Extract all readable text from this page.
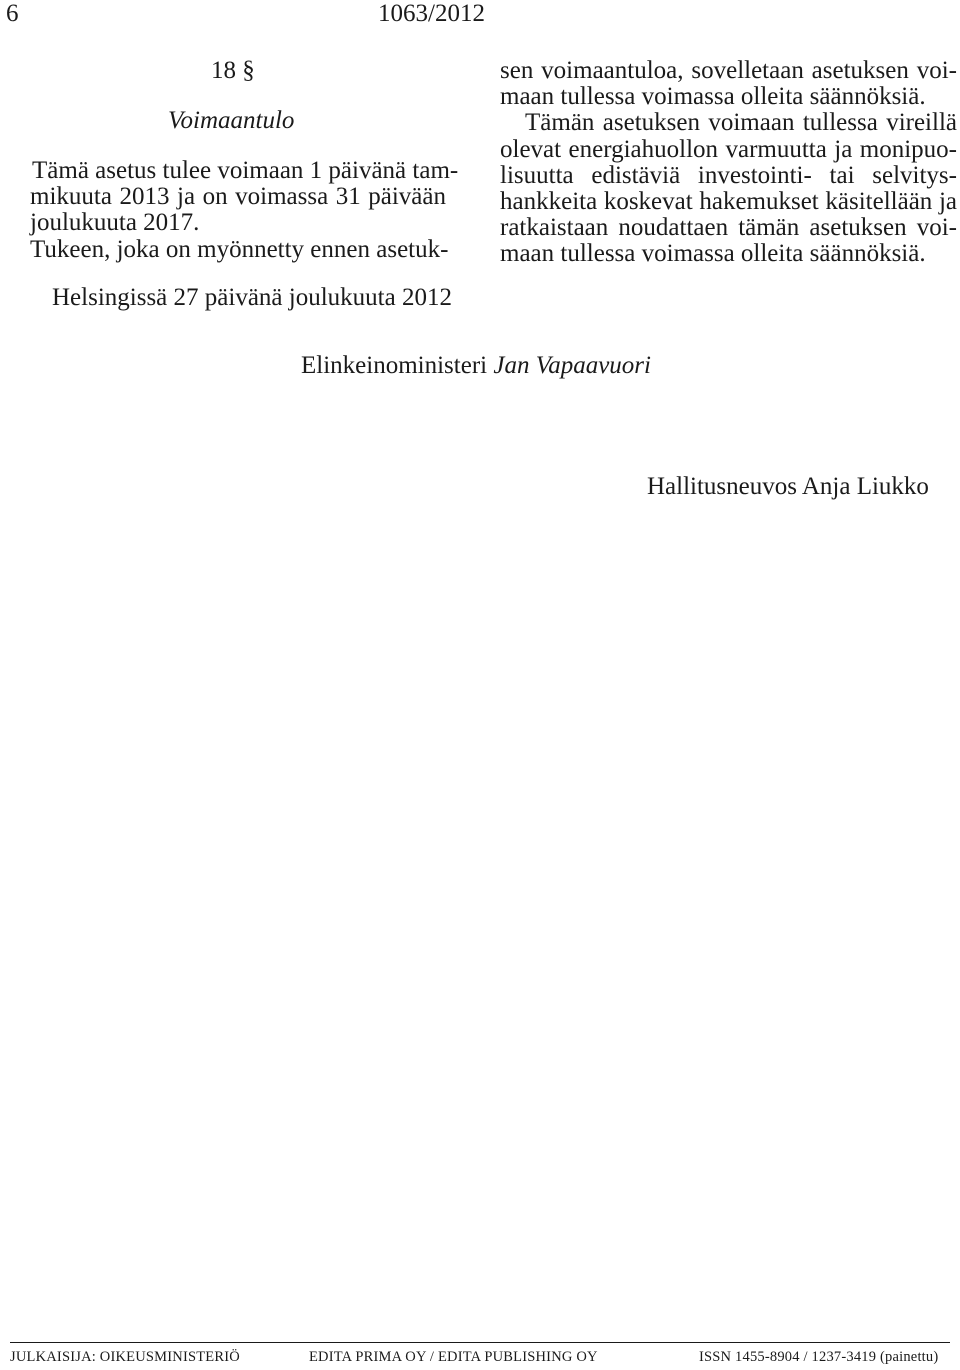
6	1063/2012
18 §
Voimaantulo
Tämä asetus tulee voimaan 1 päivänä tam-
mikuuta 2013 ja on voimassa 31 päivään
joulukuuta 2017.
Tukeen, joka on myönnetty ennen asetuk-
sen voimaantuloa, sovelletaan asetuksen voi-
maan tullessa voimassa olleita säännöksiä.
Tämän asetuksen voimaan tullessa vireillä
olevat energiahuollon varmuutta ja monipuo-
lisuutta edistäviä investointi- tai selvitys-
hankkeita koskevat hakemukset käsitellään ja
ratkaistaan noudattaen tämän asetuksen voi-
maan tullessa voimassa olleita säännöksiä.
Helsingissä 27 päivänä joulukuuta 2012
Elinkeinoministeri Jan Vapaavuori
Hallitusneuvos Anja Liukko
JULKAISIJA: OIKEUSMINISTERIÖ	EDITA PRIMA OY / EDITA PUBLISHING OY	ISSN 1455-8904 / 1237-3419 (painettu)
